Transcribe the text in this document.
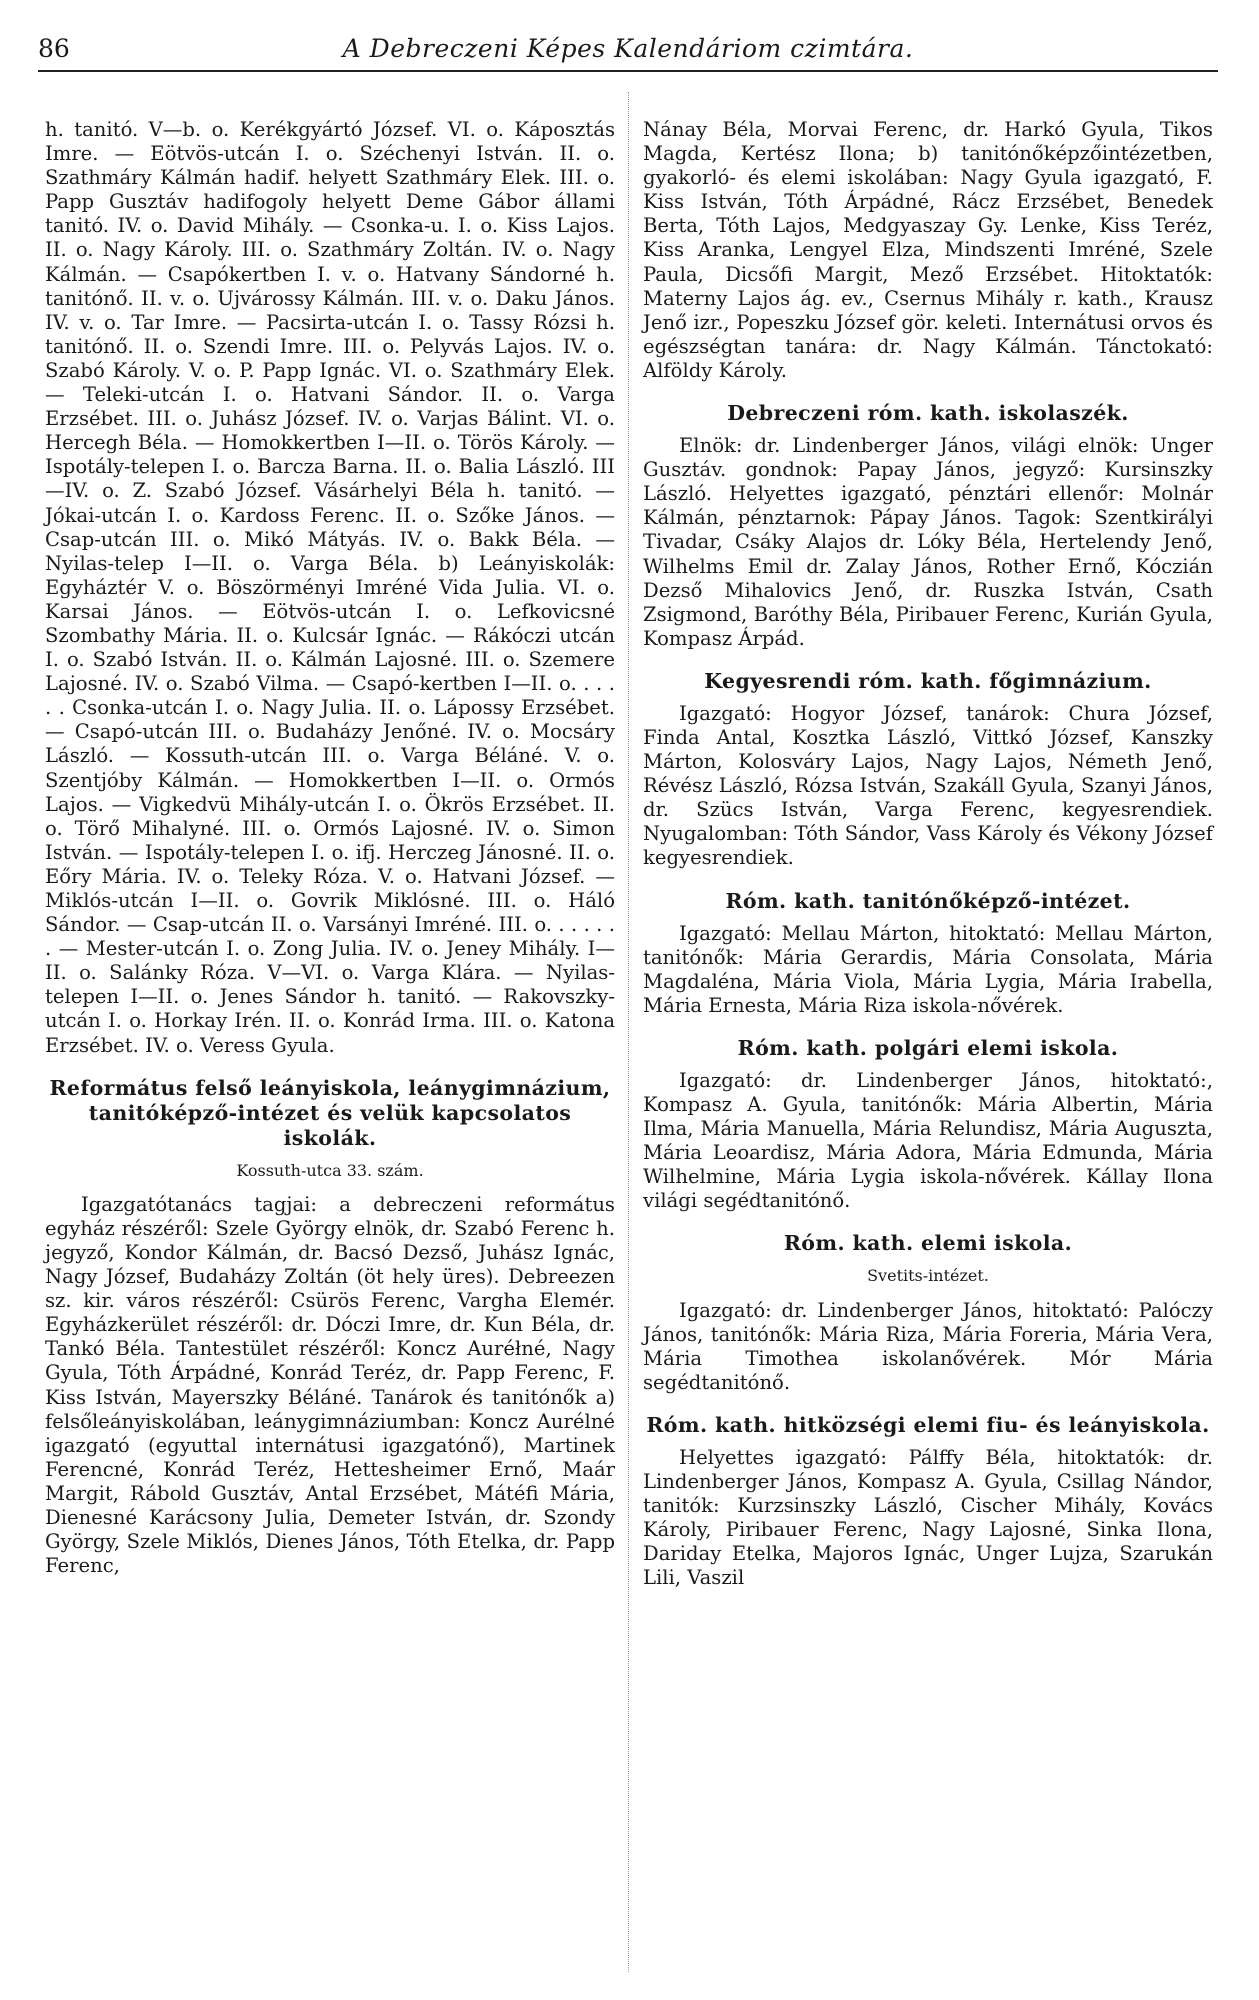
86	A Debreczeni Képes Kalendáriom czimtára.

h. tanitó. V—b. o. Kerékgyártó József. VI. o. Káposztás Imre. — Eötvös-utcán I. o. Széchenyi István. II. o. Szathmáry Kálmán hadif. helyett Szathmáry Elek. III. o. Papp Gusztáv hadifogoly helyett Deme Gábor állami tanitó. IV. o. David Mihály. — Csonka-u. I. o. Kiss Lajos. II. o. Nagy Károly. III. o. Szathmáry Zoltán. IV. o. Nagy Kálmán. — Csapókertben I. v. o. Hatvany Sándorné h. tanitónő. II. v. o. Ujvárossy Kálmán. III. v. o. Daku János. IV. v. o. Tar Imre. — Pacsirta-utcán I. o. Tassy Rózsi h. tanitónő. II. o. Szendi Imre. III. o. Pelyvás Lajos. IV. o. Szabó Károly. V. o. P. Papp Ignác. VI. o. Szathmáry Elek. — Teleki-utcán I. o. Hatvani Sándor. II. o. Varga Erzsébet. III. o. Juhász József. IV. o. Varjas Bálint. VI. o. Hercegh Béla. — Homokkertben I—II. o. Törös Károly. — Ispotály-telepen I. o. Barcza Barna. II. o. Balia László. III—IV. o. Z. Szabó József. Vásárhelyi Béla h. tanitó. — Jókai-utcán I. o. Kardoss Ferenc. II. o. Szőke János. — Csap-utcán III. o. Mikó Mátyás. IV. o. Bakk Béla. — Nyilas-telep I—II. o. Varga Béla. b) Leányiskolák: Egyháztér V. o. Böszörményi Imréné Vida Julia. VI. o. Karsai János. — Eötvös-utcán I. o. Lefkovicsné Szombathy Mária. II. o. Kulcsár Ignác. — Rákóczi utcán I. o. Szabó István. II. o. Kálmán Lajosné. III. o. Szemere Lajosné. IV. o. Szabó Vilma. — Csapó-kertben I—II. o. . . . . . Csonka-utcán I. o. Nagy Julia. II. o. Lápossy Erzsébet. — Csapó-utcán III. o. Budaházy Jenőné. IV. o. Mocsáry László. — Kossuth-utcán III. o. Varga Béláné. V. o. Szentjóby Kálmán. — Homokkertben I—II. o. Ormós Lajos. — Vigkedvü Mihály-utcán I. o. Ökrös Erzsébet. II. o. Törő Mihalyné. III. o. Ormós Lajosné. IV. o. Simon István. — Ispotály-telepen I. o. ifj. Herczeg Jánosné. II. o. Eőry Mária. IV. o. Teleky Róza. V. o. Hatvani József. — Miklós-utcán I—II. o. Govrik Miklósné. III. o. Háló Sándor. — Csap-utcán II. o. Varsányi Imréné. III. o. . . . . . . — Mester-utcán I. o. Zong Julia. IV. o. Jeney Mihály. I—II. o. Salánky Róza. V—VI. o. Varga Klára. — Nyilas-telepen I—II. o. Jenes Sándor h. tanitó. — Rakovszky-utcán I. o. Horkay Irén. II. o. Konrád Irma. III. o. Katona Erzsébet. IV. o. Veress Gyula.

Református felső leányiskola, leánygimnázium, tanitóképző-intézet és velük kapcsolatos iskolák.
Kossuth-utca 33. szám.

Igazgatótanács tagjai: a debreczeni református egyház részéről: Szele György elnök, dr. Szabó Ferenc h. jegyző, Kondor Kálmán, dr. Bacsó Dezső, Juhász Ignác, Nagy József, Budaházy Zoltán (öt hely üres). Debreezen sz. kir. város részéről: Csürös Ferenc, Vargha Elemér. Egyházkerület részéről: dr. Dóczi Imre, dr. Kun Béla, dr. Tankó Béla. Tantestület részéről: Koncz Auréłné, Nagy Gyula, Tóth Árpádné, Konrád Teréz, dr. Papp Ferenc, F. Kiss István, Mayerszky Béláné. Tanárok és tanitónők a) felsőleányiskolában, leánygimnáziumban: Koncz Aurélné igazgató (egyuttal internátusi igazgatónő), Martinek Ferencné, Konrád Teréz, Hettesheimer Ernő, Maár Margit, Rábold Gusztáv, Antal Erzsébet, Mátéfi Mária, Dienesné Karácsony Julia, Demeter István, dr. Szondy György, Szele Miklós, Dienes János, Tóth Etelka, dr. Papp Ferenc,

Nánay Béla, Morvai Ferenc, dr. Harkó Gyula, Tikos Magda, Kertész Ilona; b) tanitónőképzőintézetben, gyakorló- és elemi iskolában: Nagy Gyula igazgató, F. Kiss István, Tóth Árpádné, Rácz Erzsébet, Benedek Berta, Tóth Lajos, Medgyaszay Gy. Lenke, Kiss Teréz, Kiss Aranka, Lengyel Elza, Mindszenti Imréné, Szele Paula, Dicsőfi Margit, Mező Erzsébet. Hitoktatók: Materny Lajos ág. ev., Csernus Mihály r. kath., Krausz Jenő izr., Popeszku József gör. keleti. Internátusi orvos és egészségtan tanára: dr. Nagy Kálmán. Tánctokató: Alföldy Károly.

Debreczeni róm. kath. iskolaszék.

Elnök: dr. Lindenberger János, világi elnök: Unger Gusztáv. gondnok: Papay János, jegyző: Kursinszky László. Helyettes igazgató, pénztári ellenőr: Molnár Kálmán, pénztarnok: Pápay János. Tagok: Szentkirályi Tivadar, Csáky Alajos dr. Lóky Béla, Hertelendy Jenő, Wilhelms Emil dr. Zalay János, Rother Ernő, Kóczián Dezső Mihalovics Jenő, dr. Ruszka István, Csath Zsigmond, Baróthy Béla, Piribauer Ferenc, Kurián Gyula, Kompasz Árpád.

Kegyesrendi róm. kath. főgimnázium.

Igazgató: Hogyor József, tanárok: Chura József, Finda Antal, Kosztka László, Vittkó József, Kanszky Márton, Kolosváry Lajos, Nagy Lajos, Németh Jenő, Révész László, Rózsa István, Szakáll Gyula, Szanyi János, dr. Szücs István, Varga Ferenc, kegyesrendiek. Nyugalomban: Tóth Sándor, Vass Károly és Vékony József kegyesrendiek.

Róm. kath. tanitónőképző-intézet.

Igazgató: Mellau Márton, hitoktató: Mellau Márton, tanitónők: Mária Gerardis, Mária Consolata, Mária Magdaléna, Mária Viola, Mária Lygia, Mária Irabella, Mária Ernesta, Mária Riza iskola-nővérek.

Róm. kath. polgári elemi iskola.

Igazgató: dr. Lindenberger János, hitoktató:, Kompasz A. Gyula, tanitónők: Mária Albertin, Mária Ilma, Mária Manuella, Mária Relundisz, Mária Auguszta, Mária Leoardisz, Mária Adora, Mária Edmunda, Mária Wilhelmine, Mária Lygia iskola-nővérek. Kállay Ilona világi segédtanitónő.

Róm. kath. elemi iskola.
Svetits-intézet.

Igazgató: dr. Lindenberger János, hitoktató: Palóczy János, tanitónők: Mária Riza, Mária Foreria, Mária Vera, Mária Timothea iskolanővérek. Mór Mária segédtanitónő.

Róm. kath. hitközségi elemi fiu- és leányiskola.

Helyettes igazgató: Pálffy Béla, hitoktatók: dr. Lindenberger János, Kompasz A. Gyula, Csillag Nándor, tanitók: Kurzsinszky László, Cischer Mihály, Kovács Károly, Piribauer Ferenc, Nagy Lajosné, Sinka Ilona, Dariday Etelka, Majoros Ignác, Unger Lujza, Szarukán Lili, Vaszil
